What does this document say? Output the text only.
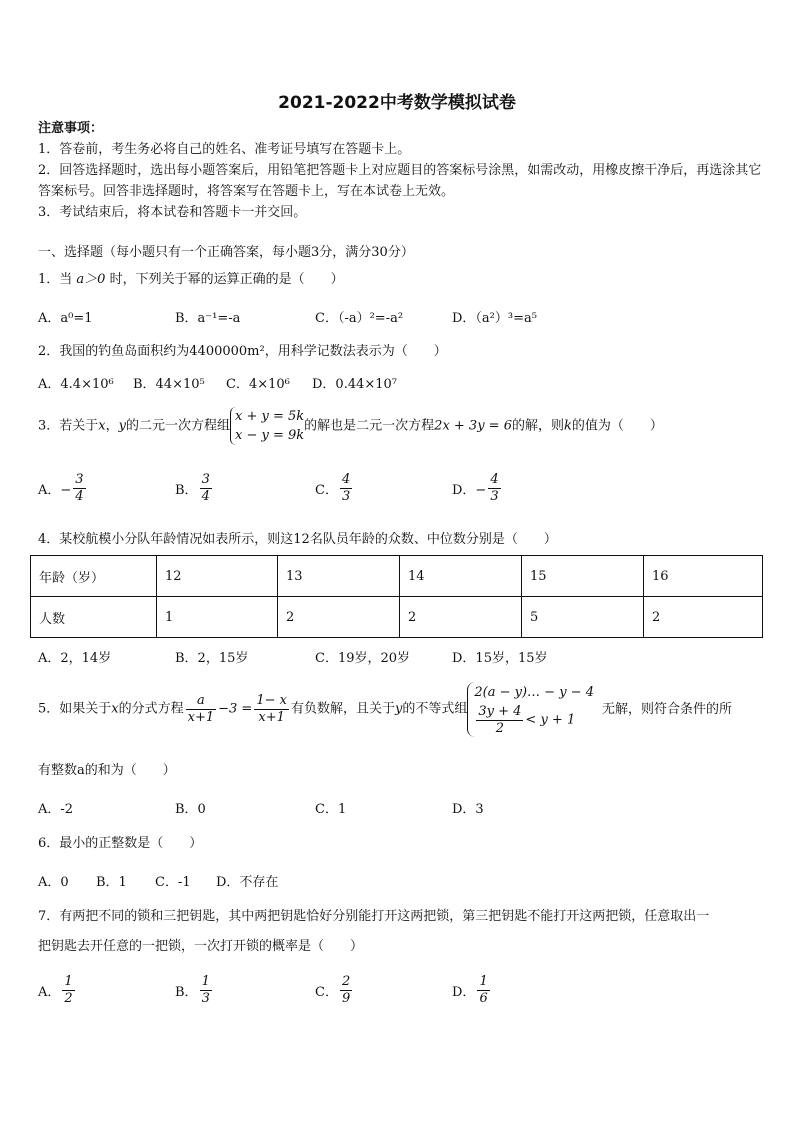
2021-2022中考数学模拟试卷

注意事项：

1．答卷前，考生务必将自己的姓名、准考证号填写在答题卡上。

2．回答选择题时，选出每小题答案后，用铅笔把答题卡上对应题目的答案标号涂黑，如需改动，用橡皮擦干净后，再选涂其它答案标号。回答非选择题时，将答案写在答题卡上，写在本试卷上无效。

3．考试结束后，将本试卷和答题卡一并交回。

一、选择题（每小题只有一个正确答案，每小题3分，满分30分）
1．当 a＞0 时，下列关于幂的运算正确的是（　　）
A．a⁰=1	B．a⁻¹=-a	C．（-a）²=-a²	D．（a²）³=a⁵
2．我国的钓鱼岛面积约为4400000m²，用科学记数法表示为（　　）
A．4.4×10⁶ B．44×10⁵ C．4×10⁶ D．0.44×10⁷
3．若关于x，y的二元一次方程组
x + y = 5k
x − y = 9k
的解也是二元一次方程2x + 3y = 6的解，则k的值为（　　）
A．− $\frac{3}{4}$	B． $\frac{3}{4}$	C． $\frac{4}{3}$	D．− $\frac{4}{3}$
4．某校航模小分队年龄情况如表所示，则这12名队员年龄的众数、中位数分别是（　　）
年龄（岁）	12	13	14	15	16
人数	1	2	2	5	2
A．2，14岁	B．2，15岁	C．19岁，20岁	D．15岁，15岁
5．如果关于x的分式方程 $\frac{a}{x+1} -3 = \frac{1- x}{x+1}$ 有负数解，且关于y的不等式组
2(a − y)… − y − 4
$\frac{3y + 4}{2} < y + 1$
无解，则符合条件的所
有整数a的和为（　　）
A．-2	B．0	C．1	D．3
6．最小的正整数是（　　）
A．0 B．1 C．-1 D．不存在
7．有两把不同的锁和三把钥匙，其中两把钥匙恰好分别能打开这两把锁，第三把钥匙不能打开这两把锁，任意取出一
把钥匙去开任意的一把锁，一次打开锁的概率是（　　）
A． $\frac{1}{2}$	B． $\frac{1}{3}$	C． $\frac{2}{9}$	D． $\frac{1}{6}$
